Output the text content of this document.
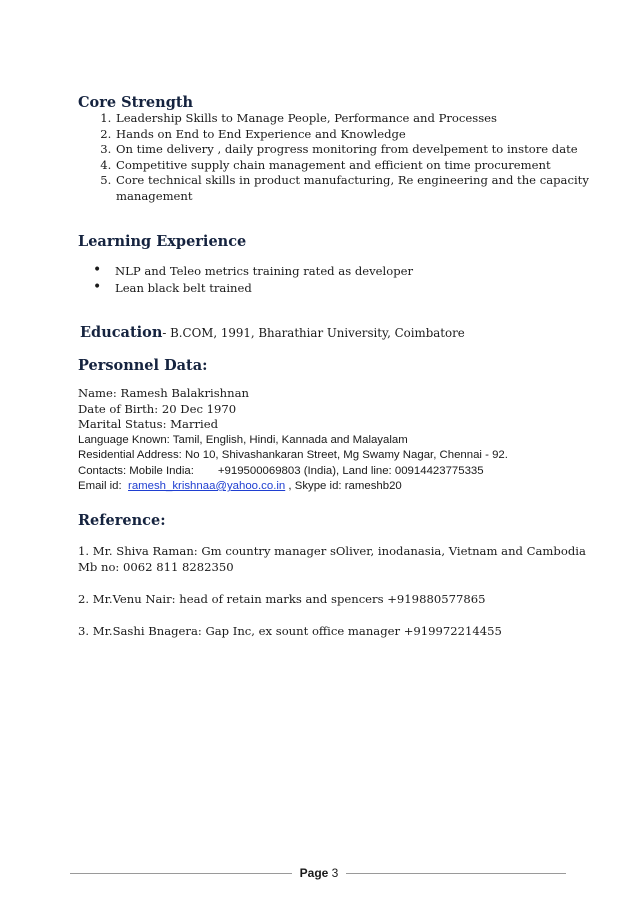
Core Strength
1. Leadership Skills to Manage People, Performance and Processes
2. Hands on End to End Experience and Knowledge
3. On time delivery , daily progress monitoring from develpement to instore date
4. Competitive supply chain management and efficient on time procurement
5. Core technical skills in product manufacturing, Re engineering and the capacity management
Learning Experience
• NLP and Teleo metrics training rated as developer
• Lean black belt trained
Education- B.COM, 1991, Bharathiar University, Coimbatore
Personnel Data:
Name: Ramesh Balakrishnan
Date of Birth: 20 Dec 1970
Marital Status: Married
Language Known: Tamil, English, Hindi, Kannada and Malayalam
Residential Address: No 10, Shivashankaran Street, Mg Swamy Nagar, Chennai - 92.
Contacts: Mobile India: +919500069803 (India), Land line: 00914423775335
Email id: ramesh_krishnaa@yahoo.co.in , Skype id: rameshb20
Reference:

1. Mr. Shiva Raman: Gm country manager sOliver, inodanasia, Vietnam and Cambodia

Mb no: 0062 811 8282350

2. Mr.Venu Nair: head of retain marks and spencers +919880577865

3. Mr.Sashi Bnagera: Gap Inc, ex sount office manager +919972214455

Page 3
